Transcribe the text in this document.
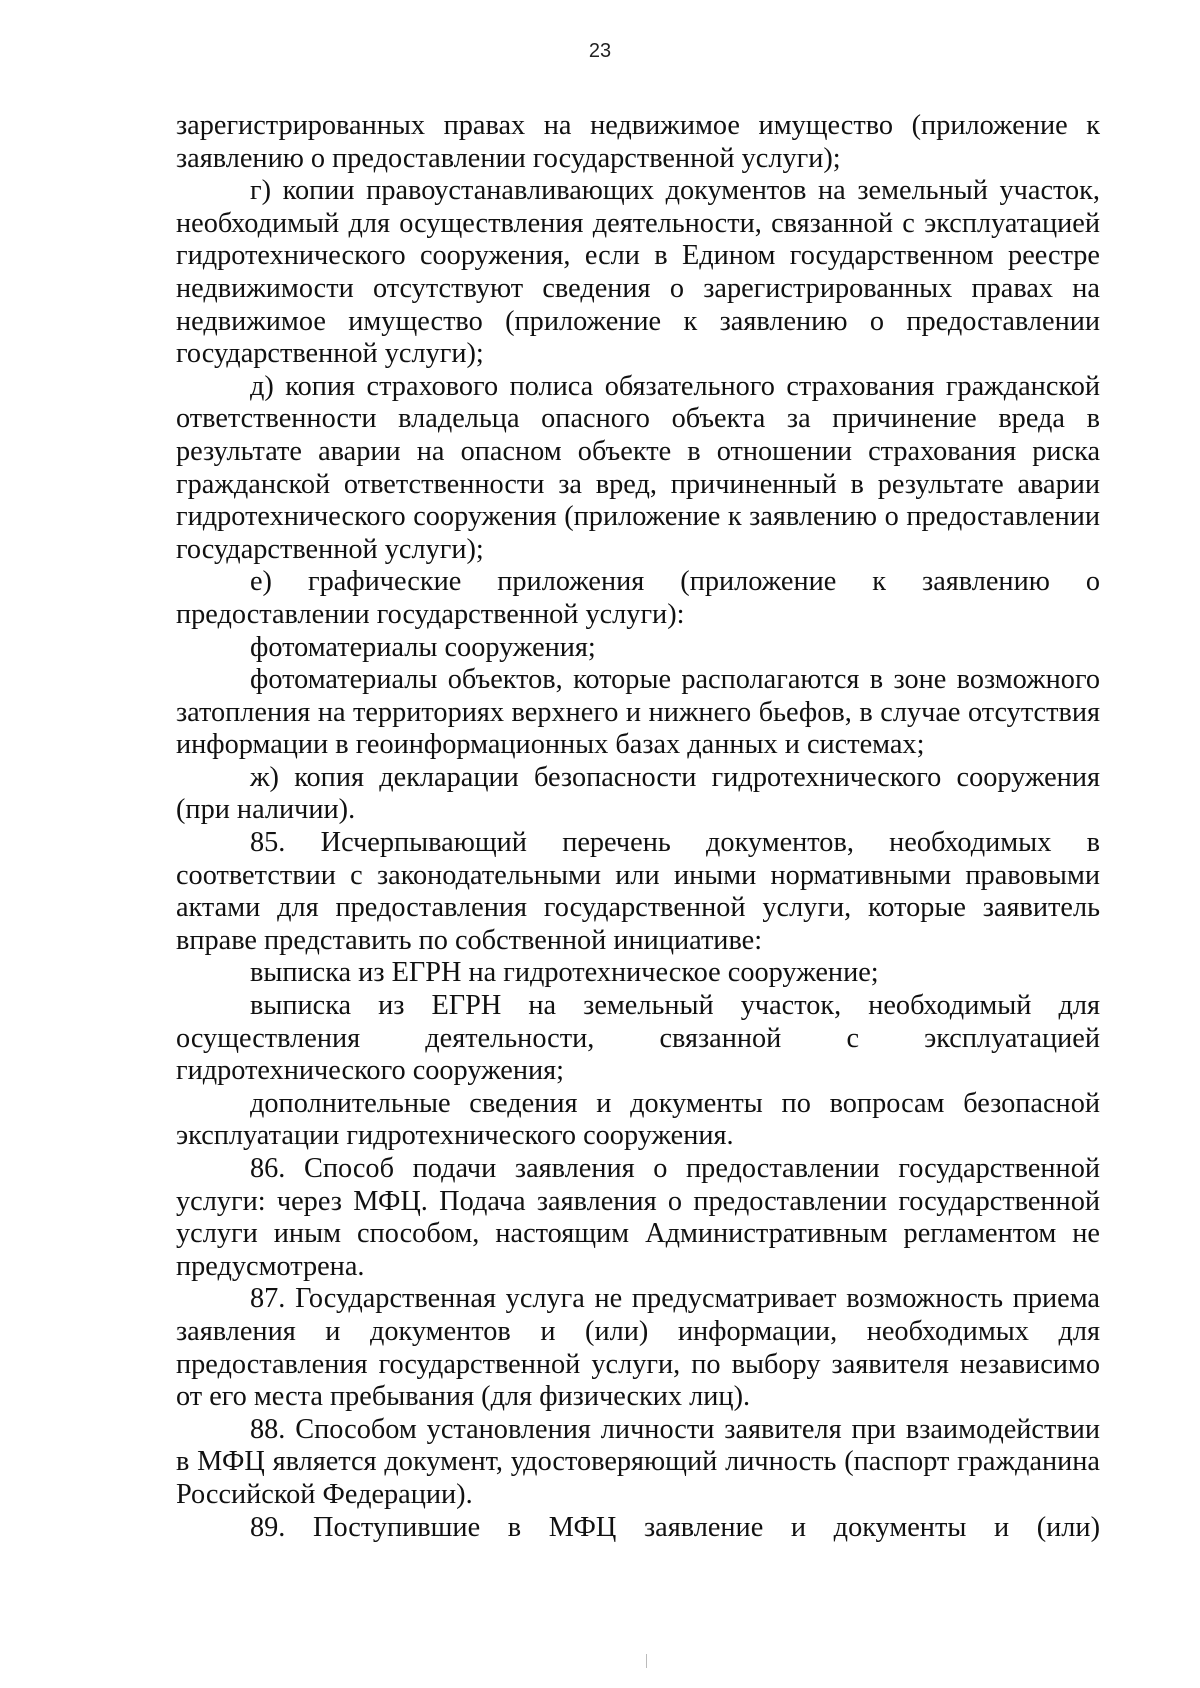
23

зарегистрированных правах на недвижимое имущество (приложение к заявлению о предоставлении государственной услуги);

г) копии правоустанавливающих документов на земельный участок, необходимый для осуществления деятельности, связанной с эксплуатацией гидротехнического сооружения, если в Едином государственном реестре недвижимости отсутствуют сведения о зарегистрированных правах на недвижимое имущество (приложение к заявлению о предоставлении государственной услуги);

д) копия страхового полиса обязательного страхования гражданской ответственности владельца опасного объекта за причинение вреда в результате аварии на опасном объекте в отношении страхования риска гражданской ответственности за вред, причиненный в результате аварии гидротехнического сооружения (приложение к заявлению о предоставлении государственной услуги);

е) графические приложения (приложение к заявлению о предоставлении государственной услуги):

фотоматериалы сооружения;

фотоматериалы объектов, которые располагаются в зоне возможного затопления на территориях верхнего и нижнего бьефов, в случае отсутствия информации в геоинформационных базах данных и системах;

ж) копия декларации безопасности гидротехнического сооружения (при наличии).

85. Исчерпывающий перечень документов, необходимых в соответствии с законодательными или иными нормативными правовыми актами для предоставления государственной услуги, которые заявитель вправе представить по собственной инициативе:

выписка из ЕГРН на гидротехническое сооружение;

выписка из ЕГРН на земельный участок, необходимый для осуществления деятельности, связанной с эксплуатацией гидротехнического сооружения;

дополнительные сведения и документы по вопросам безопасной эксплуатации гидротехнического сооружения.

86. Способ подачи заявления о предоставлении государственной услуги: через МФЦ. Подача заявления о предоставлении государственной услуги иным способом, настоящим Административным регламентом не предусмотрена.

87. Государственная услуга не предусматривает возможность приема заявления и документов и (или) информации, необходимых для предоставления государственной услуги, по выбору заявителя независимо от его места пребывания (для физических лиц).

88. Способом установления личности заявителя при взаимодействии в МФЦ является документ, удостоверяющий личность (паспорт гражданина Российской Федерации).

89. Поступившие в МФЦ заявление и документы и (или)
